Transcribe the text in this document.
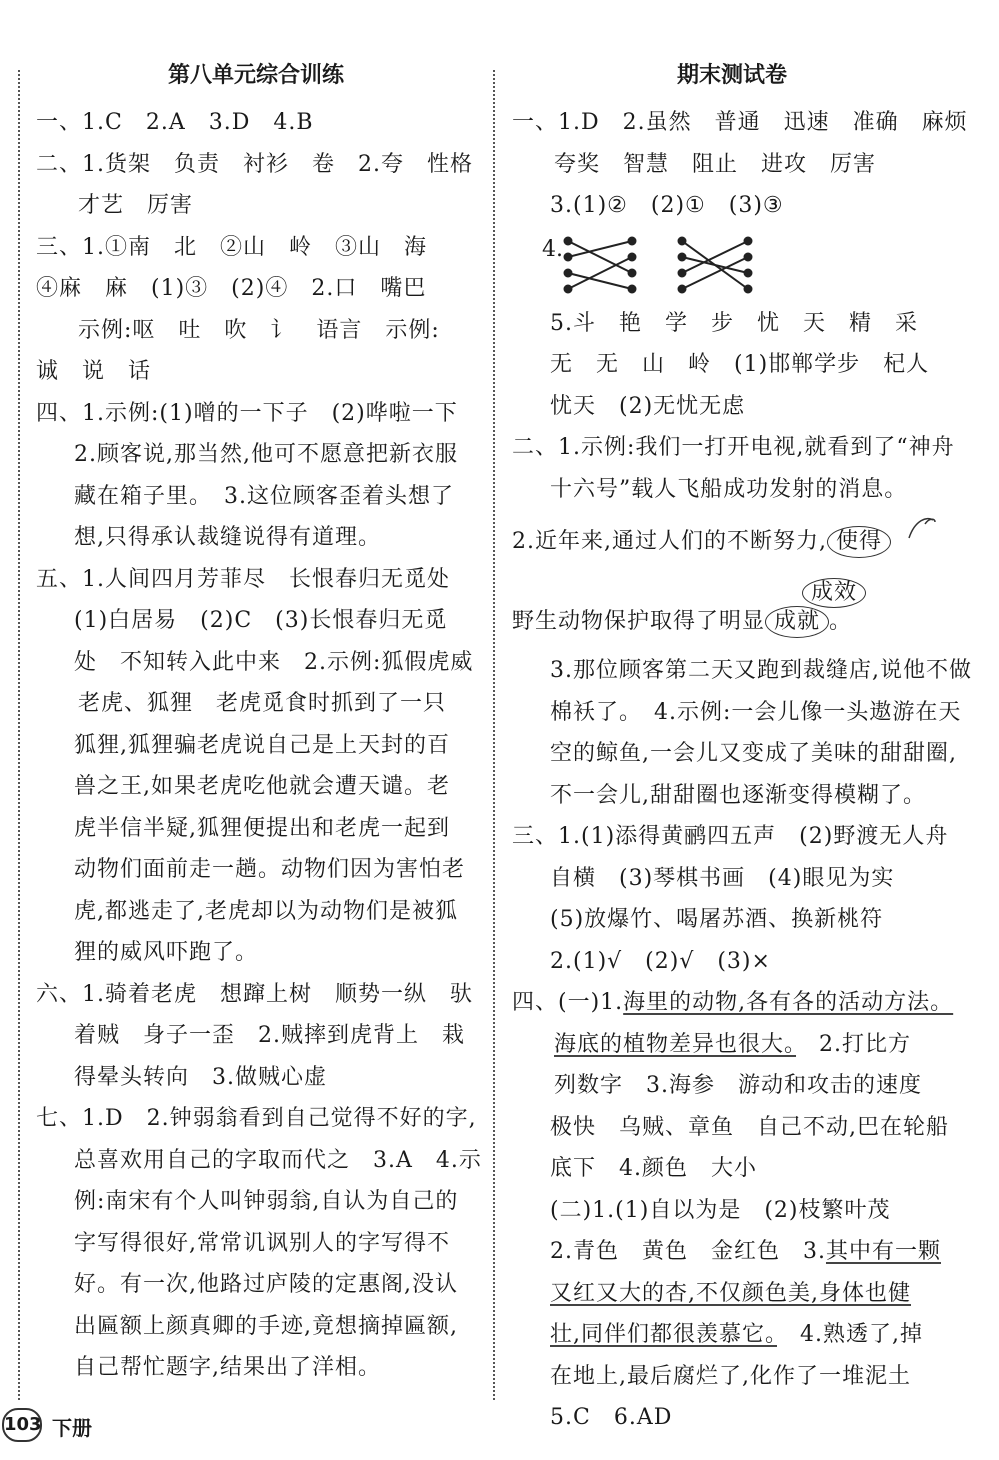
第八单元综合训练
一、1.C　2.A　3.D　4.B
二、1.货架　负责　衬衫　卷　2.夸　性格
才艺　厉害
三、1.①南　北　②山　岭　③山　海
④麻　麻　(1)③　(2)④　2.口　嘴巴
示例:呕　吐　吹　讠　语言　示例:
诚　说　话
四、1.示例:(1)噌的一下子　(2)哗啦一下
2.顾客说,那当然,他可不愿意把新衣服
藏在箱子里。　3.这位顾客歪着头想了
想,只得承认裁缝说得有道理。
五、1.人间四月芳菲尽　长恨春归无觅处
(1)白居易　(2)C　(3)长恨春归无觅
处　不知转入此中来　2.示例:狐假虎威
老虎、狐狸　老虎觅食时抓到了一只
狐狸,狐狸骗老虎说自己是上天封的百
兽之王,如果老虎吃他就会遭天谴。老
虎半信半疑,狐狸便提出和老虎一起到
动物们面前走一趟。动物们因为害怕老
虎,都逃走了,老虎却以为动物们是被狐
狸的威风吓跑了。
六、1.骑着老虎　想蹿上树　顺势一纵　驮
着贼　身子一歪　2.贼摔到虎背上　栽
得晕头转向　3.做贼心虚
七、1.D　2.钟弱翁看到自己觉得不好的字,
总喜欢用自己的字取而代之　3.A　4.示
例:南宋有个人叫钟弱翁,自认为自己的
字写得很好,常常讥讽别人的字写得不
好。有一次,他路过庐陵的定惠阁,没认
出匾额上颜真卿的手迹,竟想摘掉匾额,
自己帮忙题字,结果出了洋相。
期末测试卷
一、1.D　2.虽然　普通　迅速　准确　麻烦
夸奖　智慧　阻止　进攻　厉害
3.(1)②　(2)①　(3)③
4.
5.斗　艳　学　步　忧　天　精　采
无　无　山　岭　(1)邯郸学步　杞人
忧天　(2)无忧无虑
二、1.示例:我们一打开电视,就看到了“神舟
十六号”载人飞船成功发射的消息。
2.近年来,通过人们的不断努力, 使得
成效
野生动物保护取得了明显 成就 。
3.那位顾客第二天又跑到裁缝店,说他不做
棉袄了。　4.示例:一会儿像一头遨游在天
空的鲸鱼,一会儿又变成了美味的甜甜圈,
不一会儿,甜甜圈也逐渐变得模糊了。
三、1.(1)添得黄鹂四五声　(2)野渡无人舟
自横　(3)琴棋书画　(4)眼见为实
(5)放爆竹、喝屠苏酒、换新桃符
2.(1)√　(2)√　(3)×
四、(一)1.海里的动物,各有各的活动方法。
海底的植物差异也很大。　2.打比方
列数字　3.海参　游动和攻击的速度
极快　乌贼、章鱼　自己不动,巴在轮船
底下　4.颜色　大小
(二)1.(1)自以为是　(2)枝繁叶茂
2.青色　黄色　金红色　3.其中有一颗
又红又大的杏,不仅颜色美,身体也健
壮,同伴们都很羡慕它。　4.熟透了,掉
在地上,最后腐烂了,化作了一堆泥土
5.C　6.AD
103 下册
